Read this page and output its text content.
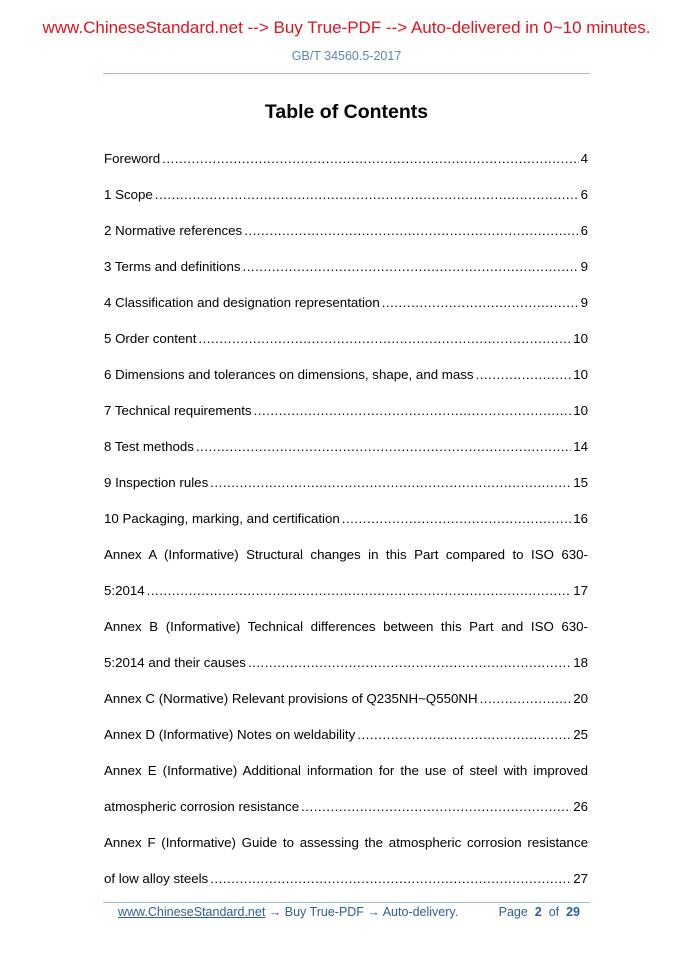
www.ChineseStandard.net --> Buy True-PDF --> Auto-delivered in 0~10 minutes.
GB/T 34560.5-2017
Table of Contents
Foreword .....	4
1 Scope .....	6
2 Normative references .....	6
3 Terms and definitions .....	9
4 Classification and designation representation .....	9
5 Order content .....	10
6 Dimensions and tolerances on dimensions, shape, and mass .....	10
7 Technical requirements .....	10
8 Test methods .....	14
9 Inspection rules .....	15
10 Packaging, marking, and certification .....	16
Annex A (Informative) Structural changes in this Part compared to ISO 630-
5:2014 .....	17
Annex B (Informative) Technical differences between this Part and ISO 630-
5:2014 and their causes .....	18
Annex C (Normative) Relevant provisions of Q235NH~Q550NH .....	20
Annex D (Informative) Notes on weldability .....	25
Annex E (Informative) Additional information for the use of steel with improved
atmospheric corrosion resistance .....	26
Annex F (Informative) Guide to assessing the atmospheric corrosion resistance
of low alloy steels .....	27
www.ChineseStandard.net → Buy True-PDF → Auto-delivery.	Page 2 of 29
